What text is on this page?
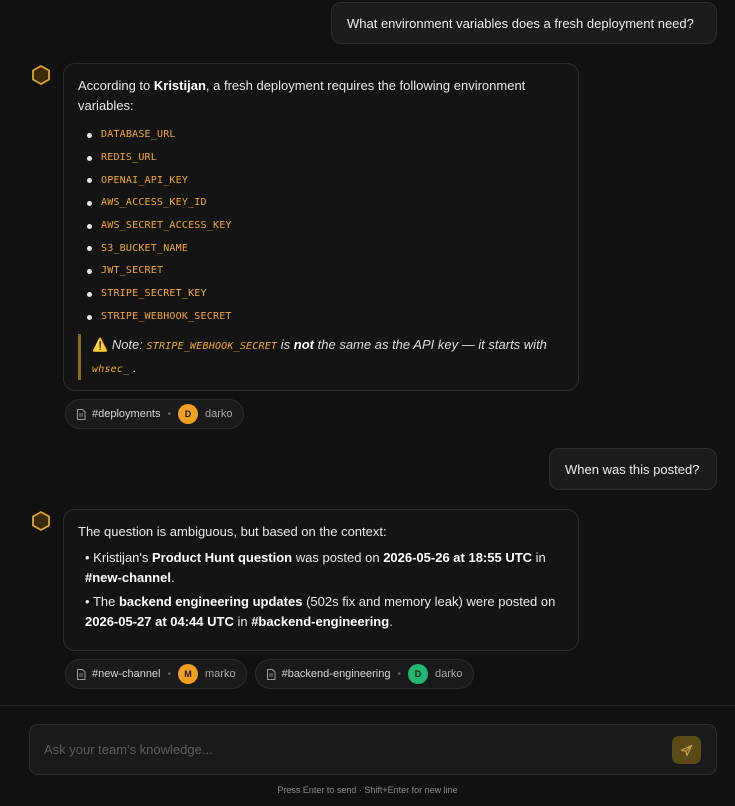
What environment variables does a fresh deployment need?
According to Kristijan, a fresh deployment requires the following environment variables:
DATABASE_URL
REDIS_URL
OPENAI_API_KEY
AWS_ACCESS_KEY_ID
AWS_SECRET_ACCESS_KEY
S3_BUCKET_NAME
JWT_SECRET
STRIPE_SECRET_KEY
STRIPE_WEBHOOK_SECRET
⚠️ Note: STRIPE_WEBHOOK_SECRET is not the same as the API key — it starts with whsec_ .
#deployments •	D	darko
When was this posted?
The question is ambiguous, but based on the context:
• Kristijan's Product Hunt question was posted on 2026-05-26 at 18:55 UTC in #new-channel.
• The backend engineering updates (502s fix and memory leak) were posted on 2026-05-27 at 04:44 UTC in #backend-engineering.
#new-channel •	M	marko	#backend-engineering •	D	darko
Ask your team's knowledge...
Press Enter to send · Shift+Enter for new line
